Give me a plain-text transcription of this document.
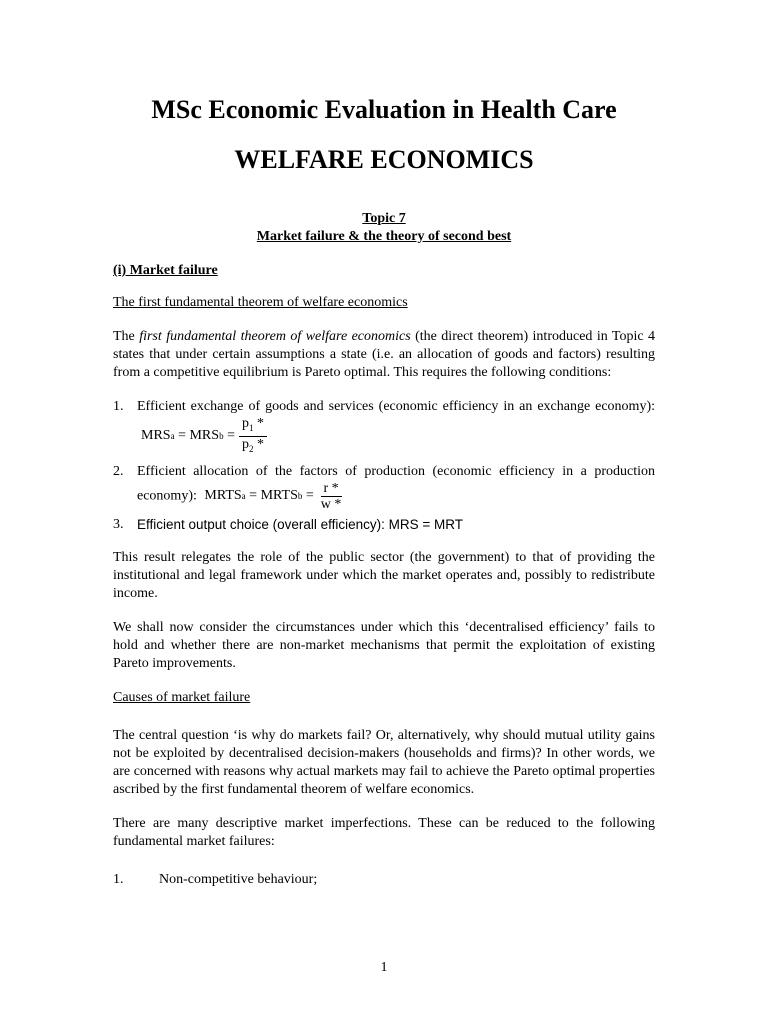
MSc Economic Evaluation in Health Care
WELFARE ECONOMICS
Topic 7
Market failure & the theory of second best
(i) Market failure
The first fundamental theorem of welfare economics

The first fundamental theorem of welfare economics (the direct theorem) introduced in Topic 4 states that under certain assumptions a state (i.e. an allocation of goods and factors) resulting from a competitive equilibrium is Pareto optimal. This requires the following conditions:

1. Efficient exchange of goods and services (economic efficiency in an exchange economy):
MRS a = MRS $b = \frac{p_1 *}{p_2 *}$
2. Efficient allocation of the factors of production (economic efficiency in a production economy): MRTS a = MRTS $b = \frac{r *}{w *}$
3. Efficient output choice (overall efficiency): MRS = MRT

This result relegates the role of the public sector (the government) to that of providing the institutional and legal framework under which the market operates and, possibly to redistribute income.

We shall now consider the circumstances under which this ‘decentralised efficiency’ fails to hold and whether there are non-market mechanisms that permit the exploitation of existing Pareto improvements.

Causes of market failure

The central question ‘is why do markets fail? Or, alternatively, why should mutual utility gains not be exploited by decentralised decision-makers (households and firms)? In other words, we are concerned with reasons why actual markets may fail to achieve the Pareto optimal properties ascribed by the first fundamental theorem of welfare economics.

There are many descriptive market imperfections. These can be reduced to the following fundamental market failures:

1.	Non-competitive behaviour;
1
